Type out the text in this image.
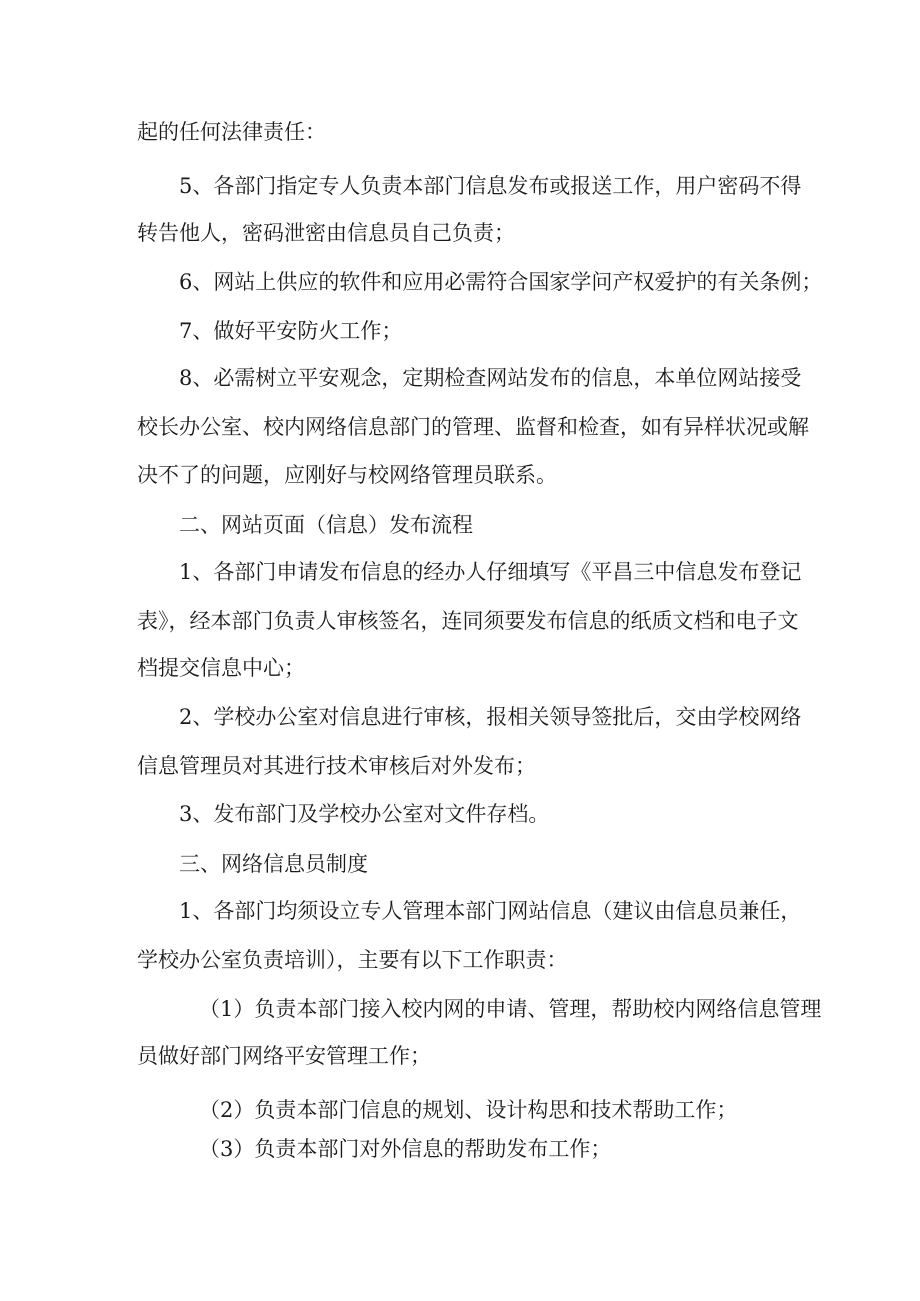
起的任何法律责任：
5、各部门指定专人负责本部门信息发布或报送工作，用户密码不得
转告他人，密码泄密由信息员自己负责；
6、网站上供应的软件和应用必需符合国家学问产权爱护的有关条例；
7、做好平安防火工作；
8、必需树立平安观念，定期检查网站发布的信息，本单位网站接受
校长办公室、校内网络信息部门的管理、监督和检查，如有异样状况或解
决不了的问题，应刚好与校网络管理员联系。
二、网站页面（信息）发布流程
1、各部门申请发布信息的经办人仔细填写《平昌三中信息发布登记
表》，经本部门负责人审核签名，连同须要发布信息的纸质文档和电子文
档提交信息中心；
2、学校办公室对信息进行审核，报相关领导签批后，交由学校网络
信息管理员对其进行技术审核后对外发布；
3、发布部门及学校办公室对文件存档。
三、网络信息员制度
1、各部门均须设立专人管理本部门网站信息（建议由信息员兼任，
学校办公室负责培训），主要有以下工作职责：
（1）负责本部门接入校内网的申请、管理，帮助校内网络信息管理
员做好部门网络平安管理工作；
（2）负责本部门信息的规划、设计构思和技术帮助工作；
（3）负责本部门对外信息的帮助发布工作；
